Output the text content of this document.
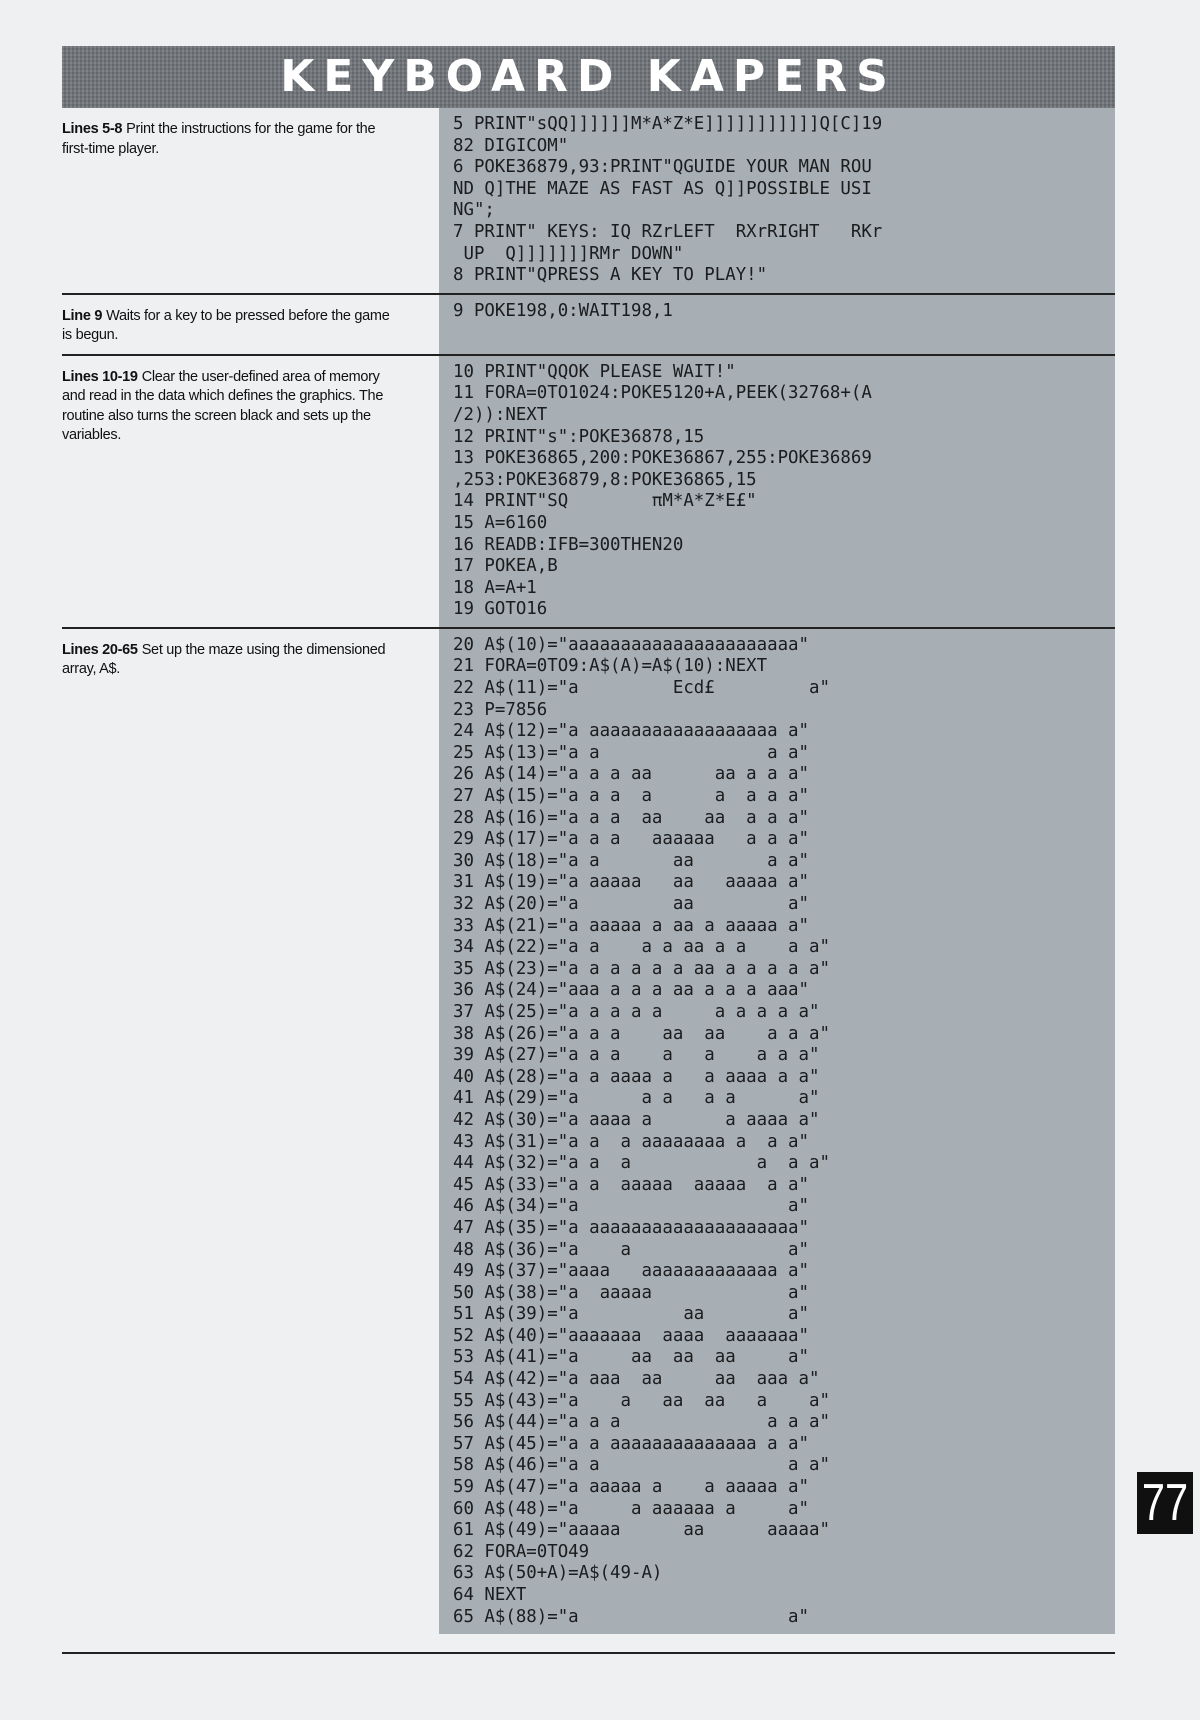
KEYBOARD KAPERS
Lines 5-8 Print the instructions for the game for the first-time player.
5 PRINT"sQQ]]]]]]M*A*Z*E]]]]]]]]]]]Q[C]19
82 DIGICOM"
6 POKE36879,93:PRINT"QGUIDE YOUR MAN ROU
ND Q]THE MAZE AS FAST AS Q]]POSSIBLE USI
NG";
7 PRINT" KEYS: IQ RZrLEFT  RXrRIGHT   RKr
UP  Q]]]]]]]RMr DOWN"
8 PRINT"QPRESS A KEY TO PLAY!"
Line 9 Waits for a key to be pressed before the game is begun.
9 POKE198,0:WAIT198,1
Lines 10-19 Clear the user-defined area of memory and read in the data which defines the graphics. The routine also turns the screen black and sets up the variables.
10 PRINT"QQOK PLEASE WAIT!"
11 FORA=0TO1024:POKE5120+A,PEEK(32768+(A
/2)):NEXT
12 PRINT"s":POKE36878,15
13 POKE36865,200:POKE36867,255:POKE36869
,253:POKE36879,8:POKE36865,15
14 PRINT"SQ        πM*A*Z*E£"
15 A=6160
16 READB:IFB=300THEN20
17 POKEA,B
18 A=A+1
19 GOTO16
Lines 20-65 Set up the maze using the dimensioned array, A$.
20 A$(10)="aaaaaaaaaaaaaaaaaaaaaa"
21 FORA=0TO9:A$(A)=A$(10):NEXT
22 A$(11)="a         Ecd£         a"
23 P=7856
24 A$(12)="a aaaaaaaaaaaaaaaaaa a"
25 A$(13)="a a                a a"
26 A$(14)="a a a aa      aa a a a"
27 A$(15)="a a a  a      a  a a a"
28 A$(16)="a a a  aa    aa  a a a"
29 A$(17)="a a a   aaaaaa   a a a"
30 A$(18)="a a       aa       a a"
31 A$(19)="a aaaaa   aa   aaaaa a"
32 A$(20)="a         aa         a"
33 A$(21)="a aaaaa a aa a aaaaa a"
34 A$(22)="a a    a a aa a a    a a"
35 A$(23)="a a a a a a aa a a a a a"
36 A$(24)="aaa a a a aa a a a aaa"
37 A$(25)="a a a a a     a a a a a"
38 A$(26)="a a a    aa  aa    a a a"
39 A$(27)="a a a    a   a    a a a"
40 A$(28)="a a aaaa a   a aaaa a a"
41 A$(29)="a      a a   a a      a"
42 A$(30)="a aaaa a       a aaaa a"
43 A$(31)="a a  a aaaaaaaa a  a a"
44 A$(32)="a a  a            a  a a"
45 A$(33)="a a  aaaaa  aaaaa  a a"
46 A$(34)="a                    a"
47 A$(35)="a aaaaaaaaaaaaaaaaaaaa"
48 A$(36)="a    a               a"
49 A$(37)="aaaa   aaaaaaaaaaaaa a"
50 A$(38)="a  aaaaa             a"
51 A$(39)="a          aa        a"
52 A$(40)="aaaaaaa  aaaa  aaaaaaa"
53 A$(41)="a     aa  aa  aa     a"
54 A$(42)="a aaa  aa     aa  aaa a"
55 A$(43)="a    a   aa  aa   a    a"
56 A$(44)="a a a              a a a"
57 A$(45)="a a aaaaaaaaaaaaaa a a"
58 A$(46)="a a                  a a"
59 A$(47)="a aaaaa a    a aaaaa a"
60 A$(48)="a     a aaaaaa a     a"
61 A$(49)="aaaaa      aa      aaaaa"
62 FORA=0TO49
63 A$(50+A)=A$(49-A)
64 NEXT
65 A$(88)="a                    a"
77
